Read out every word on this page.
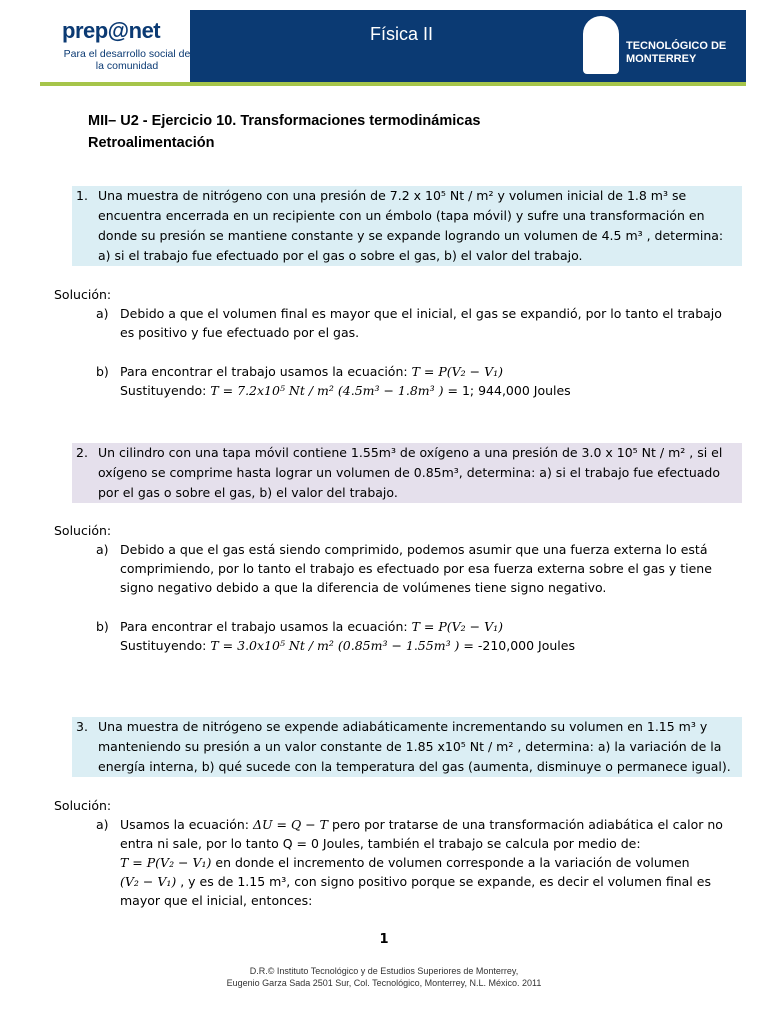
prep@net
Para el desarrollo social de la comunidad
Física II
TECNOLÓGICO DE MONTERREY
MII– U2 - Ejercicio 10. Transformaciones termodinámicas
Retroalimentación
1. Una muestra de nitrógeno con una presión de 7.2 x 10⁵ Nt / m² y volumen inicial de 1.8 m³ se
encuentra encerrada en un recipiente con un émbolo (tapa móvil) y sufre una transformación en
donde su presión se mantiene constante y se expande logrando un volumen de 4.5 m³ , determina:
a) si el trabajo fue efectuado por el gas o sobre el gas, b) el valor del trabajo.
Solución:
a) Debido a que el volumen final es mayor que el inicial, el gas se expandió, por lo tanto el trabajo
es positivo y fue efectuado por el gas.
b) Para encontrar el trabajo usamos la ecuación: T = P(V₂ − V₁)
Sustituyendo: T = 7.2x10⁵ Nt / m² (4.5m³ − 1.8m³ ) = 1; 944,000 Joules
2. Un cilindro con una tapa móvil contiene 1.55m³ de oxígeno a una presión de 3.0 x 10⁵ Nt / m² , si el
oxígeno se comprime hasta lograr un volumen de 0.85m³, determina: a) si el trabajo fue efectuado
por el gas o sobre el gas, b) el valor del trabajo.
Solución:
a) Debido a que el gas está siendo comprimido, podemos asumir que una fuerza externa lo está
comprimiendo, por lo tanto el trabajo es efectuado por esa fuerza externa sobre el gas y tiene
signo negativo debido a que la diferencia de volúmenes tiene signo negativo.
b) Para encontrar el trabajo usamos la ecuación: T = P(V₂ − V₁)
Sustituyendo: T = 3.0x10⁵ Nt / m² (0.85m³ − 1.55m³ ) = -210,000 Joules
3. Una muestra de nitrógeno se expende adiabáticamente incrementando su volumen en 1.15 m³ y
manteniendo su presión a un valor constante de 1.85 x10⁵ Nt / m² , determina: a) la variación de la
energía interna, b) qué sucede con la temperatura del gas (aumenta, disminuye o permanece igual).
Solución:
a) Usamos la ecuación: ΔU = Q − T pero por tratarse de una transformación adiabática el calor no
entra ni sale, por lo tanto Q = 0 Joules, también el trabajo se calcula por medio de:
T = P(V₂ − V₁) en donde el incremento de volumen corresponde a la variación de volumen
(V₂ − V₁) , y es de 1.15 m³, con signo positivo porque se expande, es decir el volumen final es
mayor que el inicial, entonces:
1
D.R.© Instituto Tecnológico y de Estudios Superiores de Monterrey,
Eugenio Garza Sada 2501 Sur, Col. Tecnológico, Monterrey, N.L. México. 2011
